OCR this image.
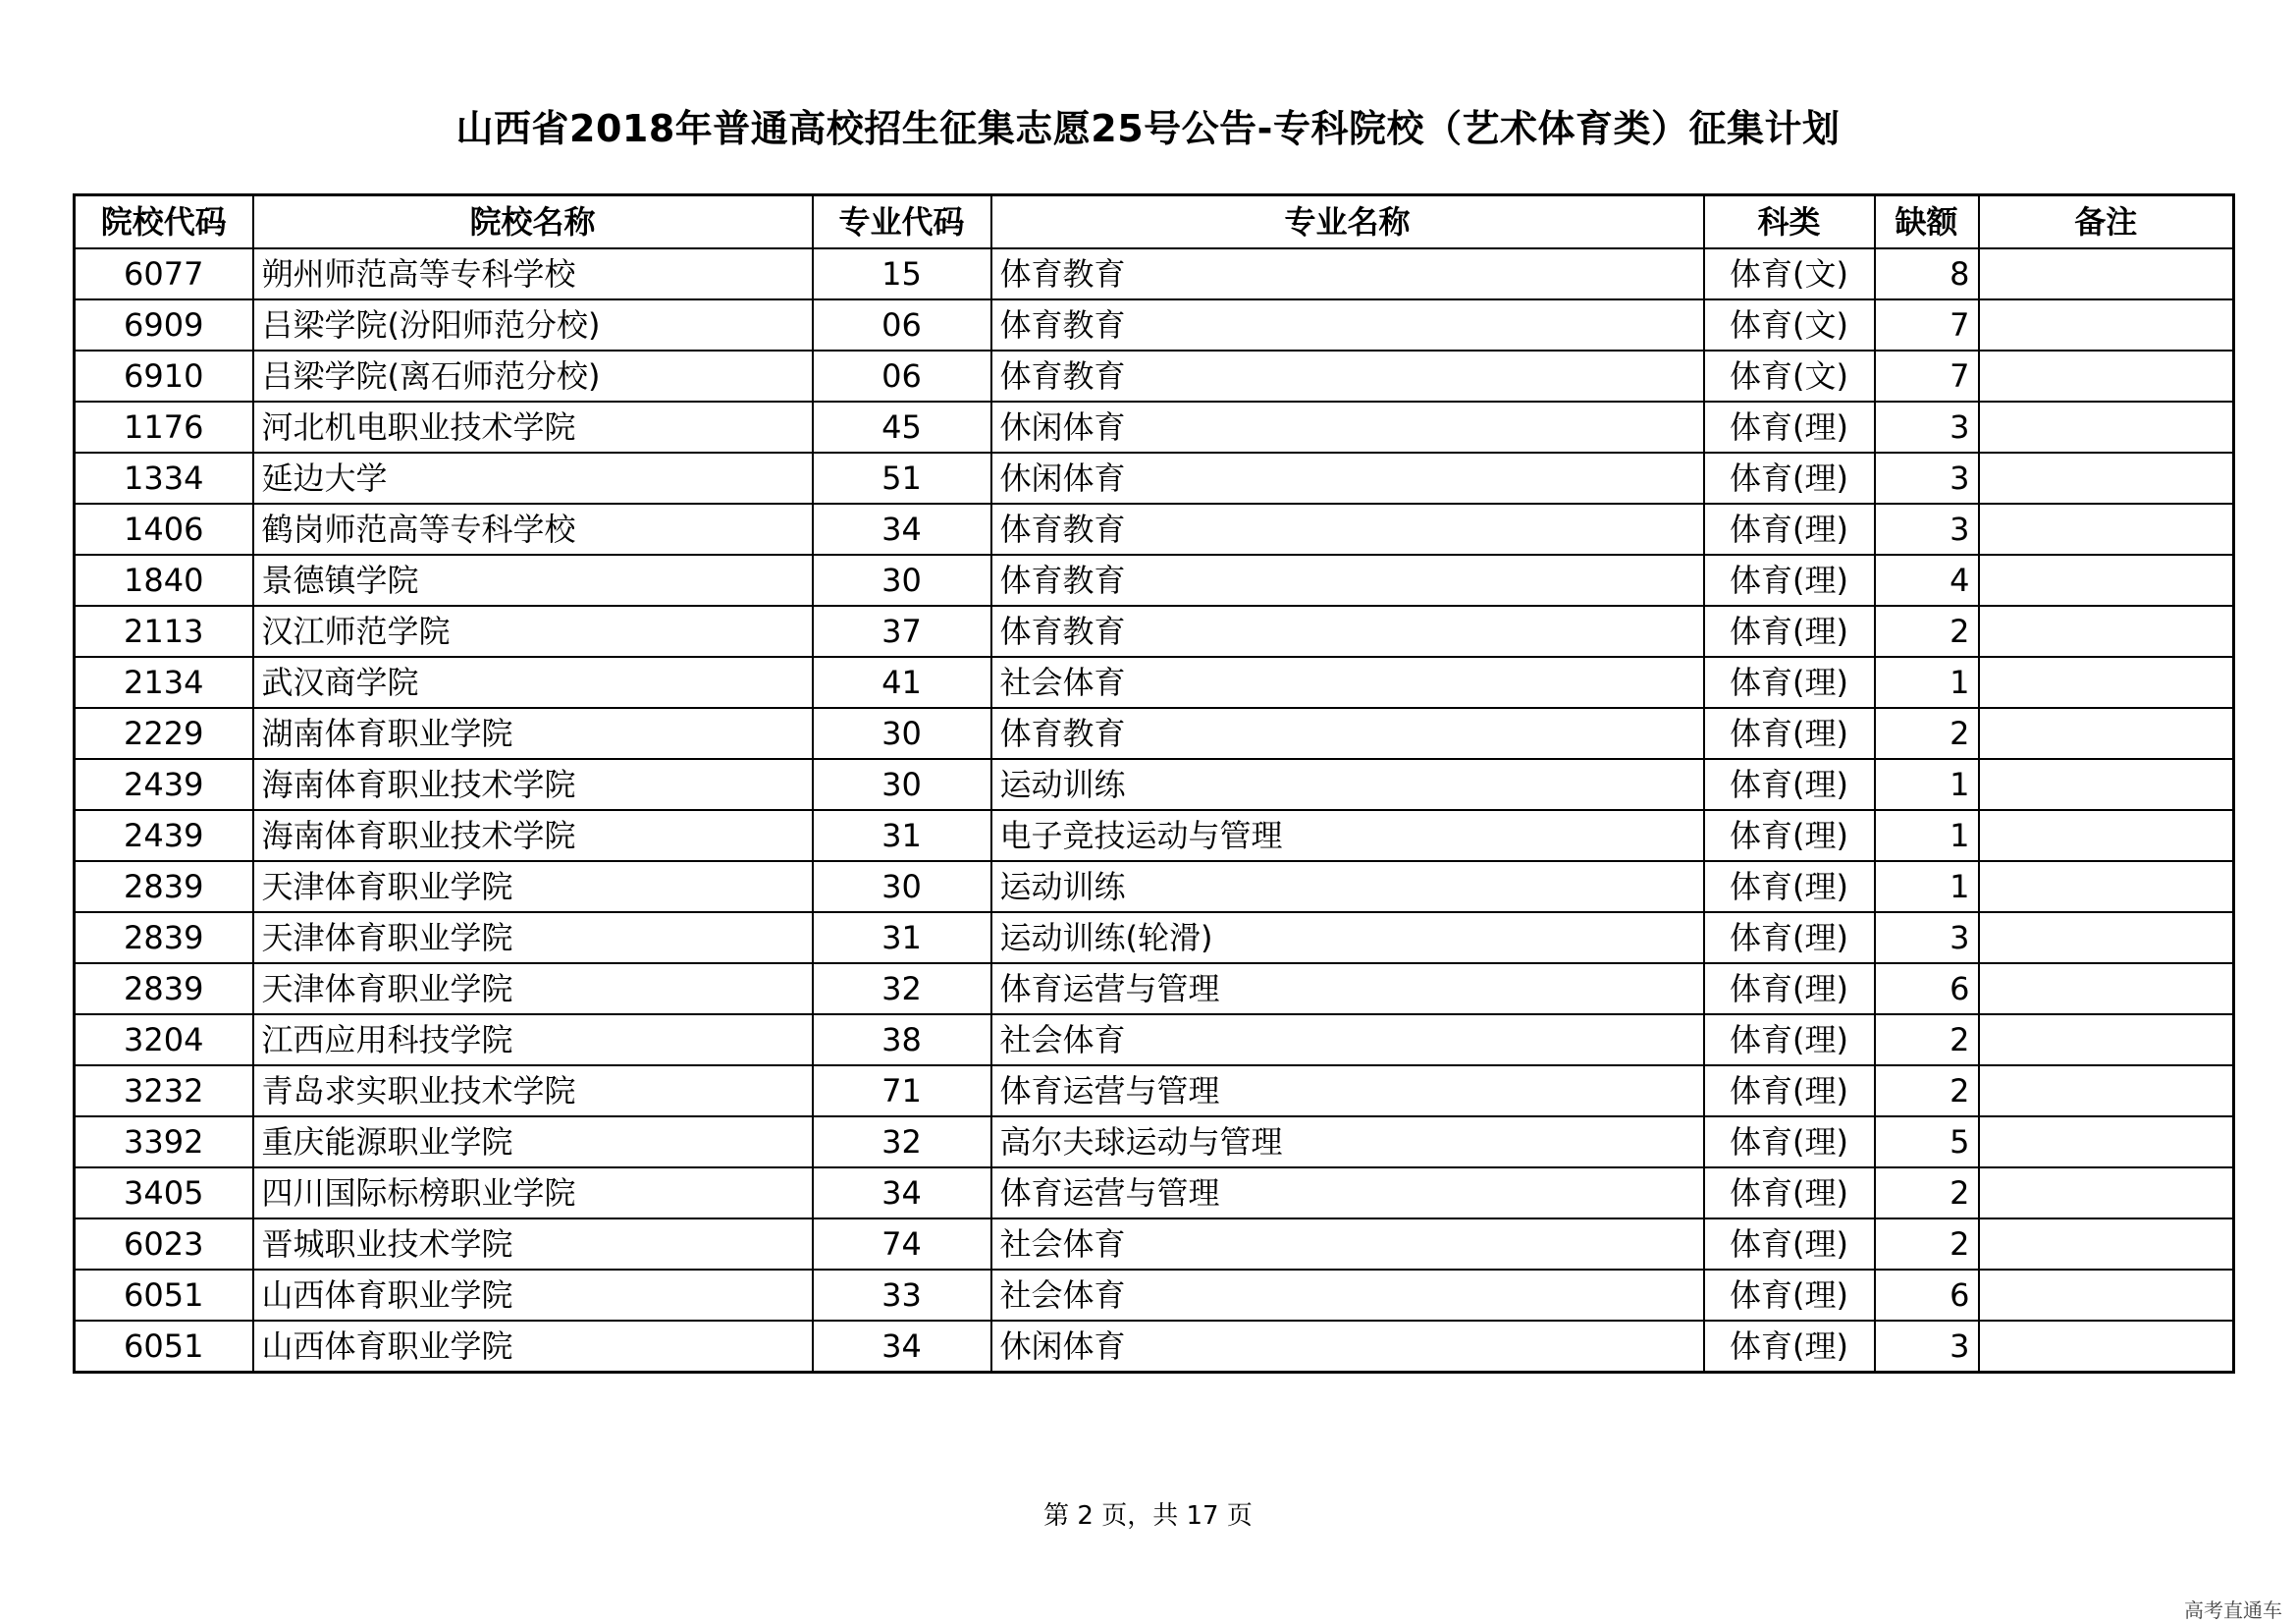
山西省2018年普通高校招生征集志愿25号公告-专科院校（艺术体育类）征集计划
院校代码	院校名称	专业代码	专业名称	科类	缺额	备注
6077	朔州师范高等专科学校	15	体育教育	体育(文)	8	
6909	吕梁学院(汾阳师范分校)	06	体育教育	体育(文)	7	
6910	吕梁学院(离石师范分校)	06	体育教育	体育(文)	7	
1176	河北机电职业技术学院	45	休闲体育	体育(理)	3	
1334	延边大学	51	休闲体育	体育(理)	3	
1406	鹤岗师范高等专科学校	34	体育教育	体育(理)	3	
1840	景德镇学院	30	体育教育	体育(理)	4	
2113	汉江师范学院	37	体育教育	体育(理)	2	
2134	武汉商学院	41	社会体育	体育(理)	1	
2229	湖南体育职业学院	30	体育教育	体育(理)	2	
2439	海南体育职业技术学院	30	运动训练	体育(理)	1	
2439	海南体育职业技术学院	31	电子竞技运动与管理	体育(理)	1	
2839	天津体育职业学院	30	运动训练	体育(理)	1	
2839	天津体育职业学院	31	运动训练(轮滑)	体育(理)	3	
2839	天津体育职业学院	32	体育运营与管理	体育(理)	6	
3204	江西应用科技学院	38	社会体育	体育(理)	2	
3232	青岛求实职业技术学院	71	体育运营与管理	体育(理)	2	
3392	重庆能源职业学院	32	高尔夫球运动与管理	体育(理)	5	
3405	四川国际标榜职业学院	34	体育运营与管理	体育(理)	2	
6023	晋城职业技术学院	74	社会体育	体育(理)	2	
6051	山西体育职业学院	33	社会体育	体育(理)	6	
6051	山西体育职业学院	34	休闲体育	体育(理)	3	
第 2 页，共 17 页
高考直通车
